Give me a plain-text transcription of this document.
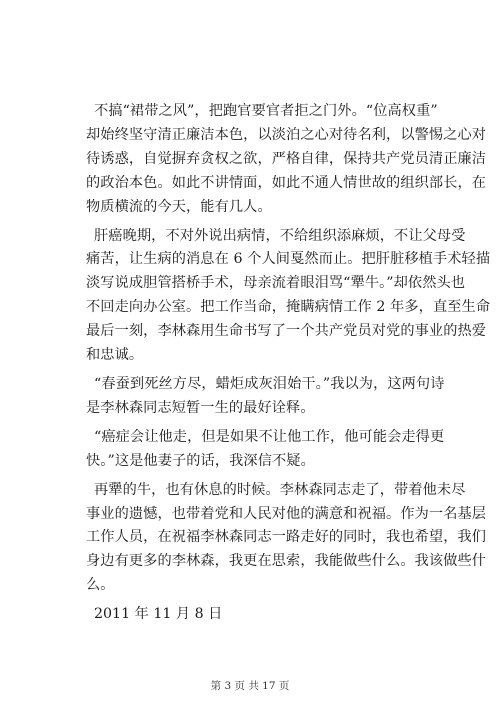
不搞“裙带之风”，把跑官要官者拒之门外。“位高权重”
却始终坚守清正廉洁本色，以淡泊之心对待名利，以警惕之心对
待诱惑，自觉摒弃贪权之欲，严格自律，保持共产党员清正廉洁
的政治本色。如此不讲情面，如此不通人情世故的组织部长，在
物质横流的今天，能有几人。
肝癌晚期，不对外说出病情，不给组织添麻烦，不让父母受
痛苦，让生病的消息在 6 个人间戛然而止。把肝脏移植手术轻描
淡写说成胆管搭桥手术，母亲流着眼泪骂“犟牛。”却依然头也
不回走向办公室。把工作当命，掩瞒病情工作 2 年多，直至生命
最后一刻，李林森用生命书写了一个共产党员对党的事业的热爱
和忠诚。
“春蚕到死丝方尽，蜡炬成灰泪始干。”我以为，这两句诗
是李林森同志短暂一生的最好诠释。
“癌症会让他走，但是如果不让他工作，他可能会走得更
快。”这是他妻子的话，我深信不疑。
再犟的牛，也有休息的时候。李林森同志走了，带着他未尽
事业的遗憾，也带着党和人民对他的满意和祝福。作为一名基层
工作人员，在祝福李林森同志一路走好的同时，我也希望，我们
身边有更多的李林森，我更在思索，我能做些什么。我该做些什
么。
2011 年 11 月 8 日
第 3 页 共 17 页
